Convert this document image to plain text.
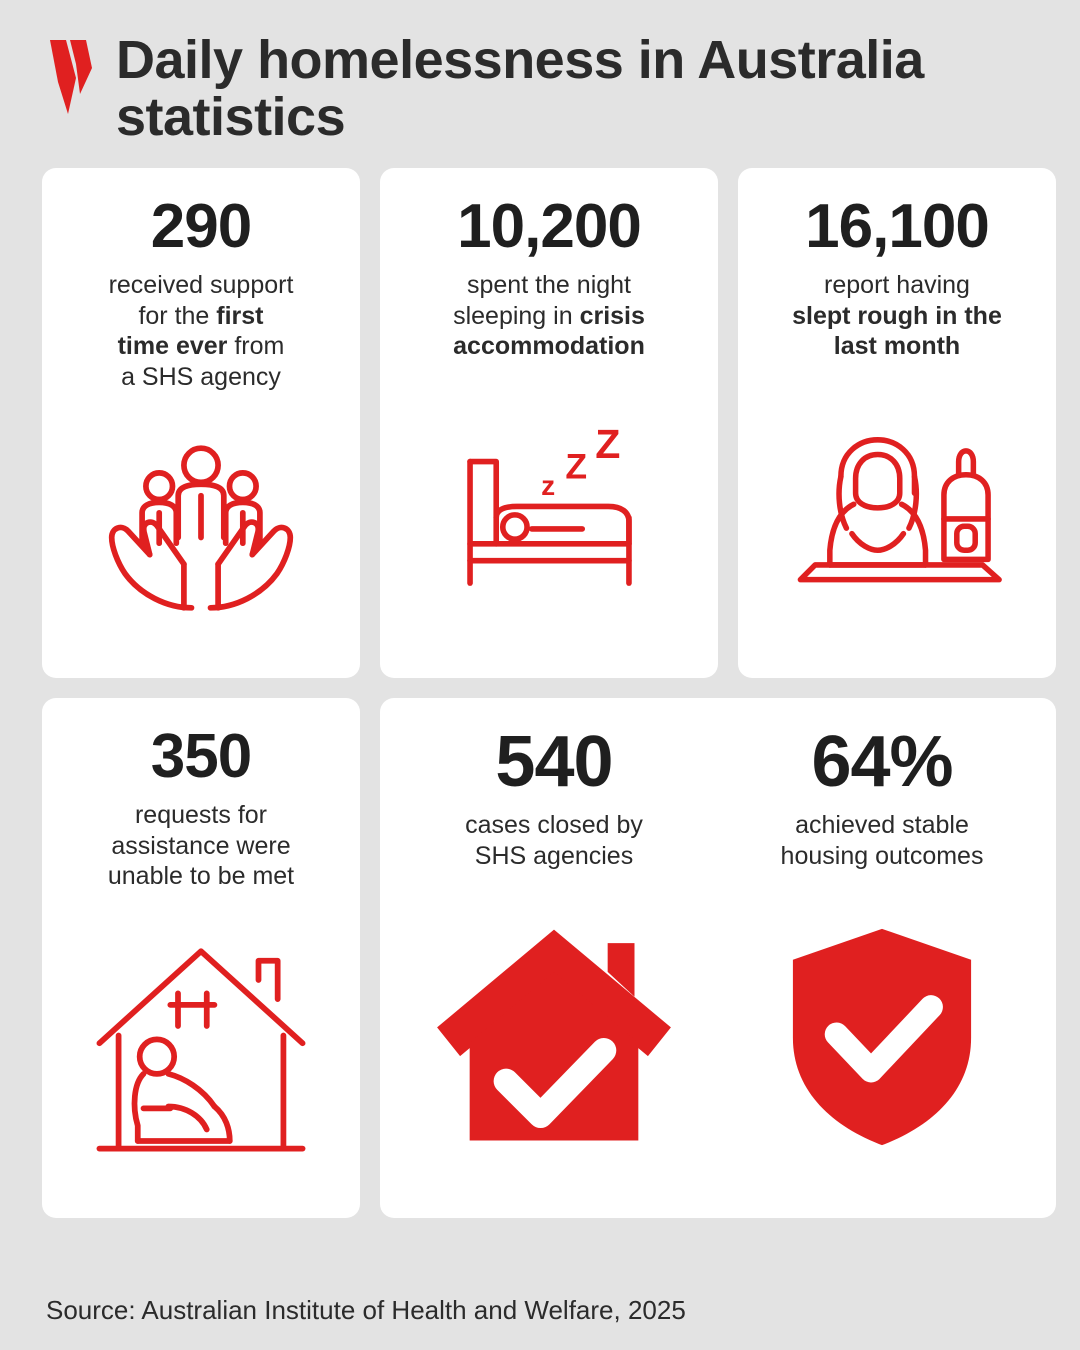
Daily homelessness in Australia statistics
290
received support
for the first
time ever from
a SHS agency
10,200
spent the night
sleeping in crisis
accommodation
z Z Z
16,100
report having
slept rough in the
last month
350
requests for
assistance were
unable to be met
540
cases closed by
SHS agencies
64%
achieved stable
housing outcomes
Source: Australian Institute of Health and Welfare, 2025
